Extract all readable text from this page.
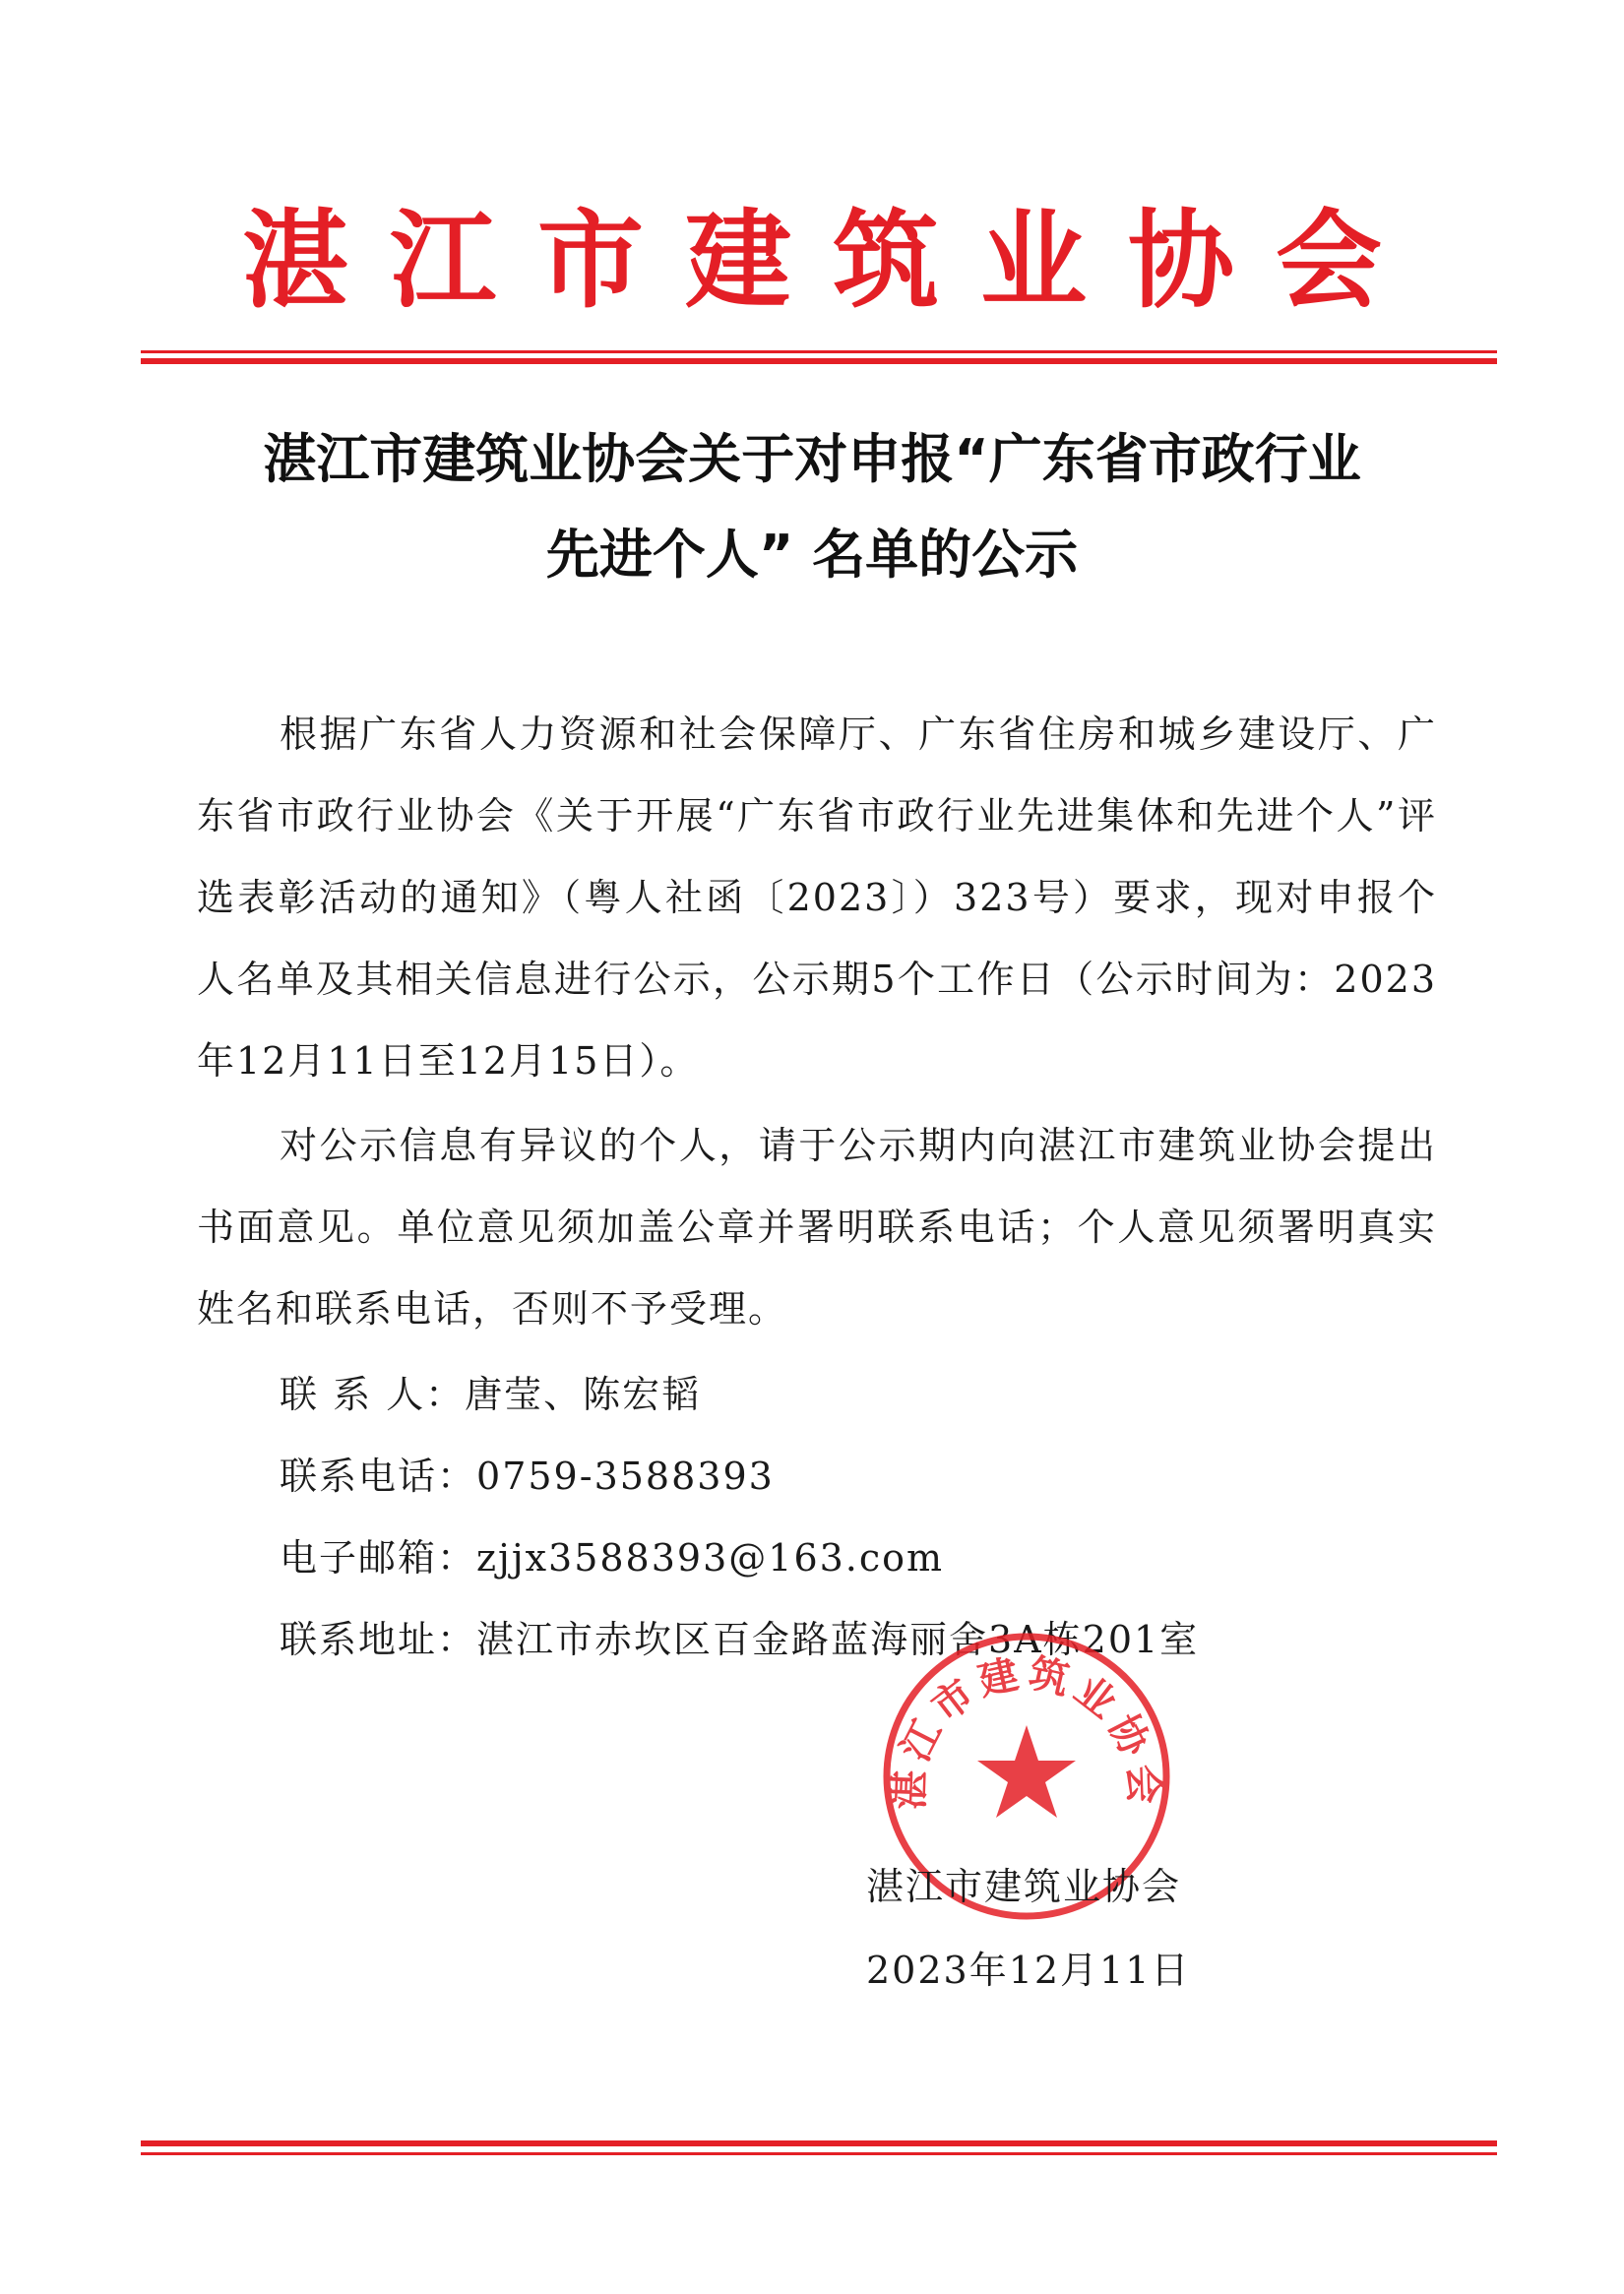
湛江市建筑业协会
湛江市建筑业协会关于对申报“广东省市政行业
先进个人” 名单的公示
根据广东省人力资源和社会保障厅、广东省住房和城乡建设厅、广东省市政行业协会《关于开展“广东省市政行业先进集体和先进个人”评选表彰活动的通知》（粤人社函〔2023〕）323号）要求，现对申报个人名单及其相关信息进行公示，公示期5个工作日（公示时间为：2023年12月11日至12月15日）。
对公示信息有异议的个人，请于公示期内向湛江市建筑业协会提出书面意见。单位意见须加盖公章并署明联系电话；个人意见须署明真实姓名和联系电话，否则不予受理。
联 系 人：唐莹、陈宏韬
联系电话：0759-3588393
电子邮箱：zjjx3588393@163.com
联系地址：湛江市赤坎区百金路蓝海丽舍3A栋201室
湛江市建筑业协会
湛江市建筑业协会
2023年12月11日
